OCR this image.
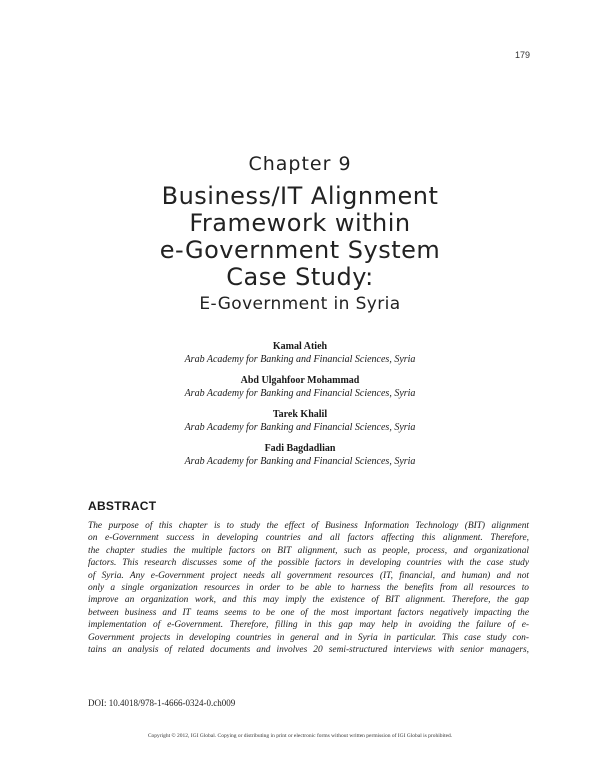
179
Chapter 9
Business/IT Alignment
Framework within
e-Government System
Case Study:
E-Government in Syria
Kamal Atieh
Arab Academy for Banking and Financial Sciences, Syria
Abd Ulgahfoor Mohammad
Arab Academy for Banking and Financial Sciences, Syria
Tarek Khalil
Arab Academy for Banking and Financial Sciences, Syria
Fadi Bagdadlian
Arab Academy for Banking and Financial Sciences, Syria
ABSTRACT
The purpose of this chapter is to study the effect of Business Information Technology (BIT) alignment
on e-Government success in developing countries and all factors affecting this alignment. Therefore,
the chapter studies the multiple factors on BIT alignment, such as people, process, and organizational
factors. This research discusses some of the possible factors in developing countries with the case study
of Syria. Any e-Government project needs all government resources (IT, financial, and human) and not
only a single organization resources in order to be able to harness the benefits from all resources to
improve an organization work, and this may imply the existence of BIT alignment. Therefore, the gap
between business and IT teams seems to be one of the most important factors negatively impacting the
implementation of e-Government. Therefore, filling in this gap may help in avoiding the failure of e-
Government projects in developing countries in general and in Syria in particular. This case study con-
tains an analysis of related documents and involves 20 semi-structured interviews with senior managers,
DOI: 10.4018/978-1-4666-0324-0.ch009
Copyright © 2012, IGI Global. Copying or distributing in print or electronic forms without written permission of IGI Global is prohibited.
